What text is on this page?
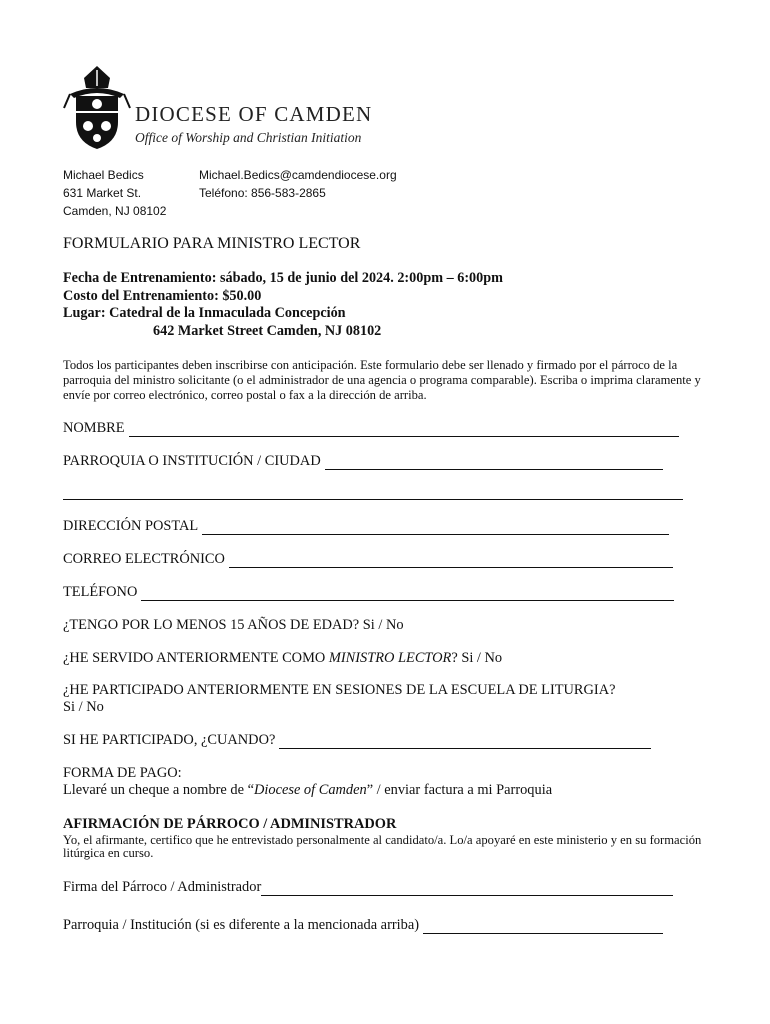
DIOCESE OF CAMDEN
Office of Worship and Christian Initiation
Michael Bedics
631 Market St.
Camden, NJ 08102
Michael.Bedics@camdendiocese.org
Teléfono: 856-583-2865
FORMULARIO PARA MINISTRO LECTOR
Fecha de Entrenamiento: sábado, 15 de junio del 2024. 2:00pm – 6:00pm
Costo del Entrenamiento: $50.00
Lugar: Catedral de la Inmaculada Concepción
642 Market Street Camden, NJ 08102
Todos los participantes deben inscribirse con anticipación. Este formulario debe ser llenado y firmado por el párroco de la parroquia del ministro solicitante (o el administrador de una agencia o programa comparable). Escriba o imprima claramente y envíe por correo electrónico, correo postal o fax a la dirección de arriba.
NOMBRE
PARROQUIA O INSTITUCIÓN / CIUDAD
DIRECCIÓN POSTAL
CORREO ELECTRÓNICO
TELÉFONO
¿TENGO POR LO MENOS 15 AÑOS DE EDAD? Si / No
¿HE SERVIDO ANTERIORMENTE COMO MINISTRO LECTOR? Si / No
¿HE PARTICIPADO ANTERIORMENTE EN SESIONES DE LA ESCUELA DE LITURGIA?
Si / No
SI HE PARTICIPADO, ¿CUANDO?
FORMA DE PAGO:
Llevaré un cheque a nombre de “Diocese of Camden” / enviar factura a mi Parroquia
AFIRMACIÓN DE PÁRROCO / ADMINISTRADOR
Yo, el afirmante, certifico que he entrevistado personalmente al candidato/a. Lo/a apoyaré en este ministerio y en su formación litúrgica en curso.
Firma del Párroco / Administrador
Parroquia / Institución (si es diferente a la mencionada arriba)
